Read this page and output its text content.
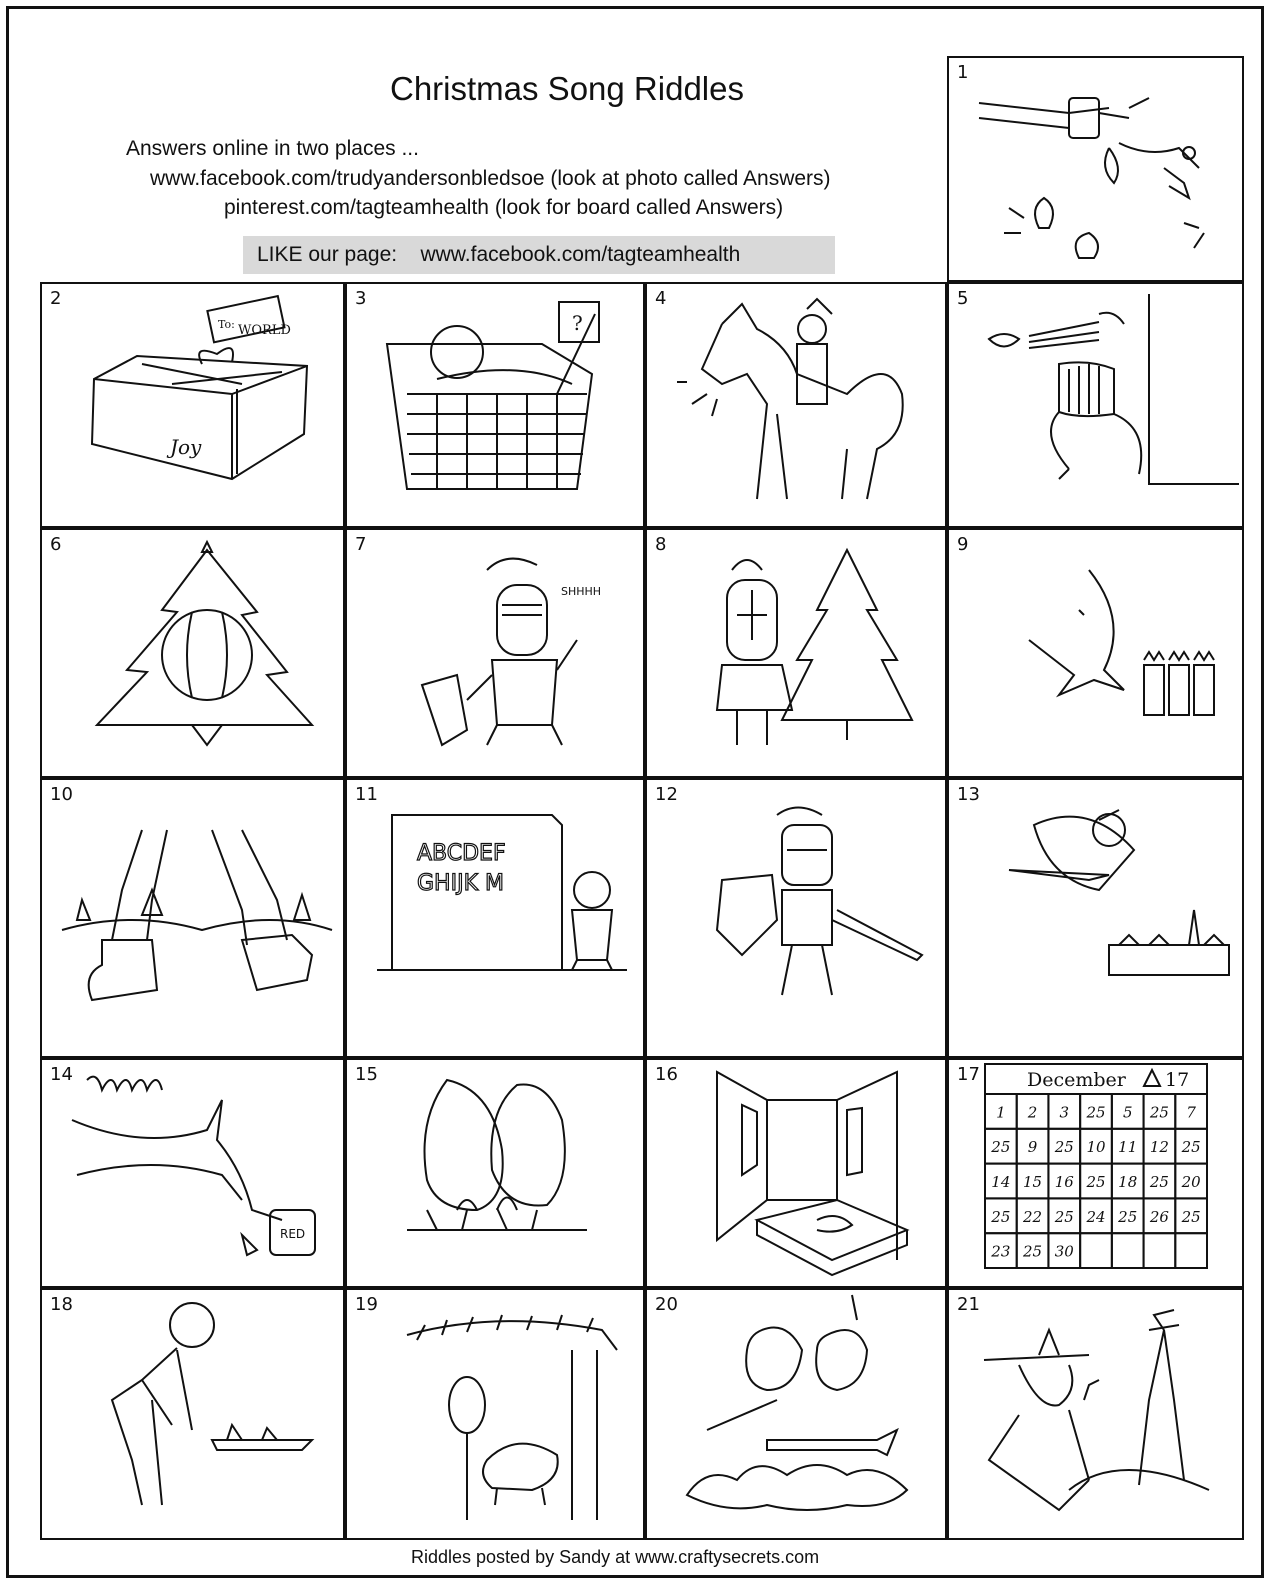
Christmas Song Riddles
Answers online in two places ...
www.facebook.com/trudyandersonbledsoe (look at photo called Answers)
pinterest.com/tagteamhealth (look for board called Answers)
LIKE our page: www.facebook.com/tagteamhealth
1
2
To: WORLD
Joy
3
?
4	5
6	7
SHHHH
8	9
10	11
ABCDEF
GHIJK M
12	13
14
RED
15	16	17 December 17
1 2 3 25 5 25 7
25 9 25 10 11 12 25
14 15 16 25 18 25 20
25 22 25 24 25 26 25
23 25 30
18	19	20	21
Riddles posted by Sandy at www.craftysecrets.com
